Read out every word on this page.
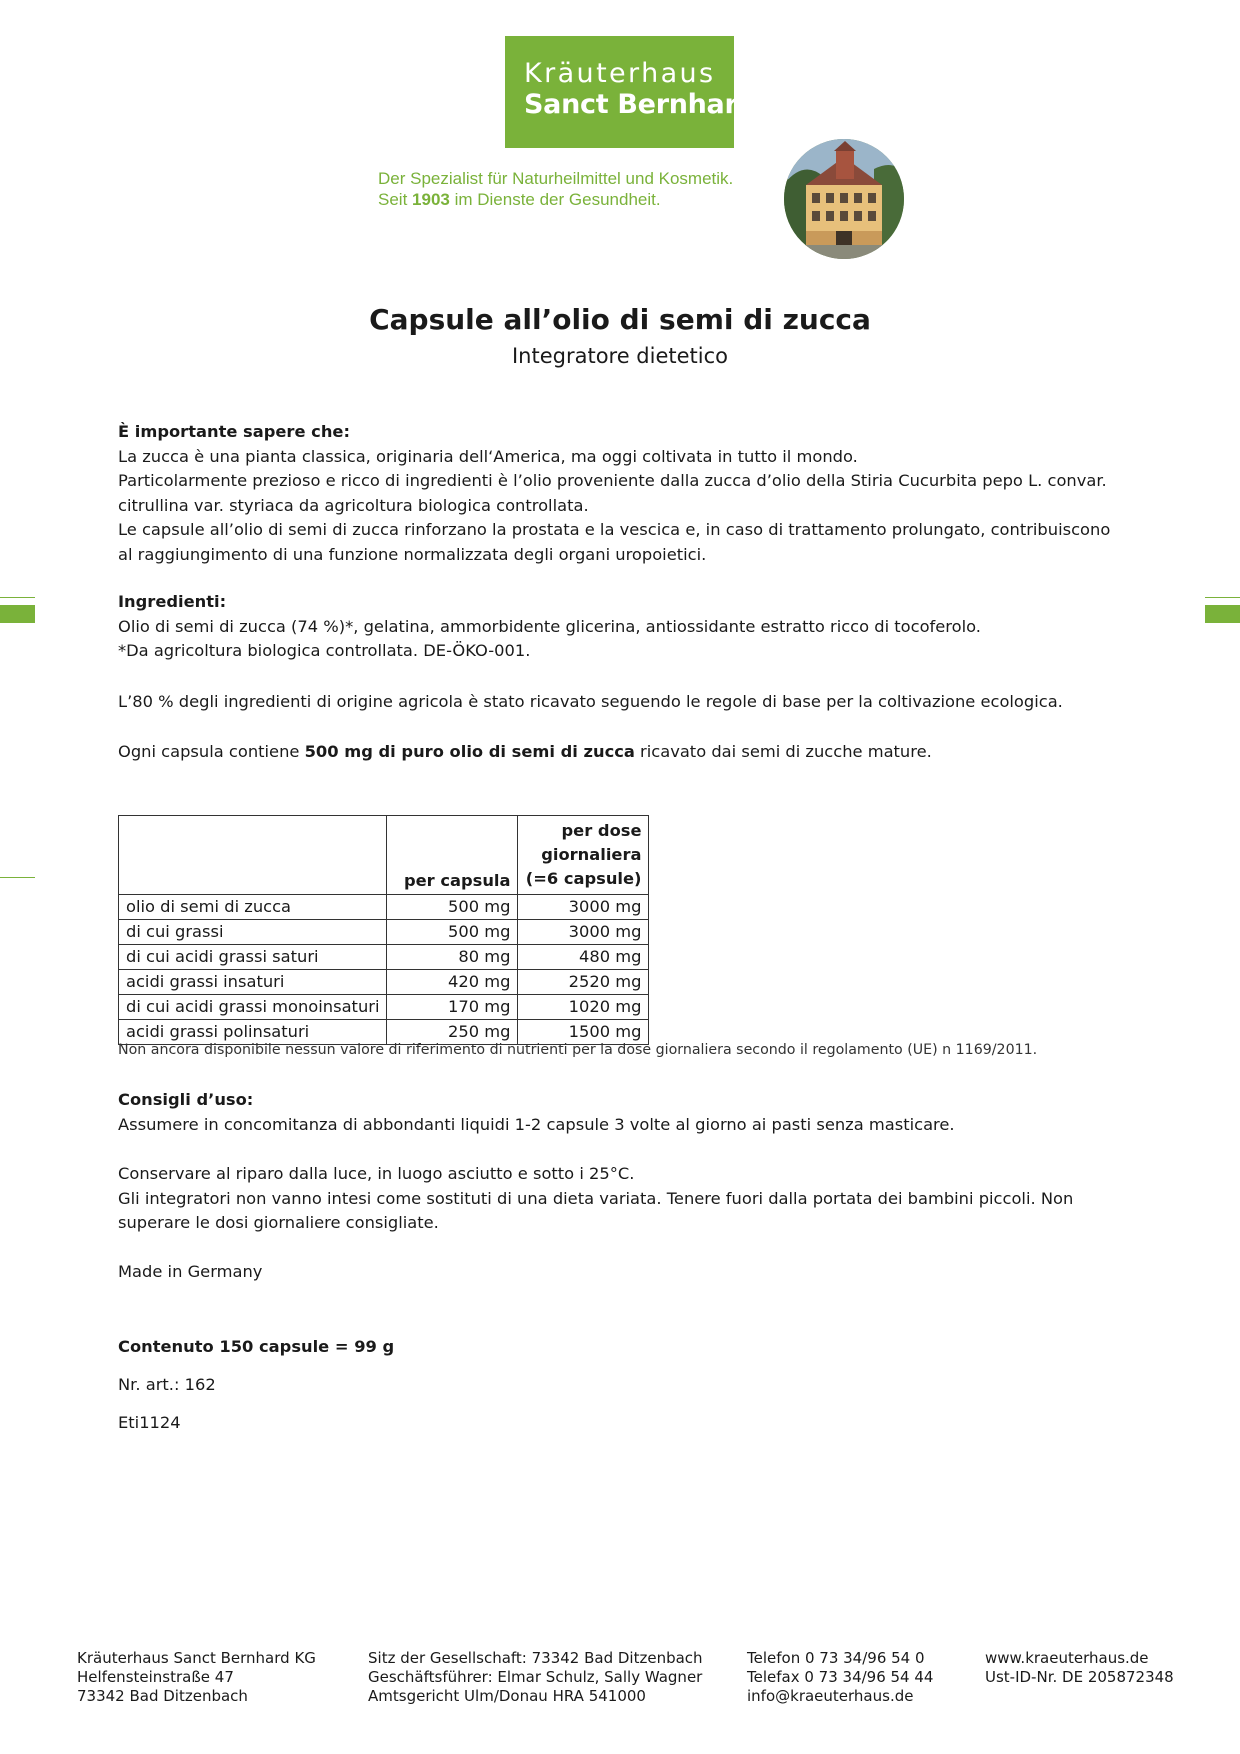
Kräuterhaus
Sanct Bernhard
Der Spezialist für Naturheilmittel und Kosmetik.
Seit 1903 im Dienste der Gesundheit.
Capsule all’olio di semi di zucca
Integratore dietetico
È importante sapere che:
La zucca è una pianta classica, originaria dell‘America, ma oggi coltivata in tutto il mondo.
Particolarmente prezioso e ricco di ingredienti è l’olio proveniente dalla zucca d’olio della Stiria Cucurbita pepo L. convar.
citrullina var. styriaca da agricoltura biologica controllata.
Le capsule all’olio di semi di zucca rinforzano la prostata e la vescica e, in caso di trattamento prolungato, contribuiscono
al raggiungimento di una funzione normalizzata degli organi uropoietici.
Ingredienti:
Olio di semi di zucca (74 %)*, gelatina, ammorbidente glicerina, antiossidante estratto ricco di tocoferolo.
*Da agricoltura biologica controllata. DE-ÖKO-001.
L’80 % degli ingredienti di origine agricola è stato ricavato seguendo le regole di base per la coltivazione ecologica.
Ogni capsula contiene 500 mg di puro olio di semi di zucca ricavato dai semi di zucche mature.
	per capsula	per dose
giornaliera
(=6 capsule)

olio di semi di zucca	500 mg	3000 mg
di cui grassi	500 mg	3000 mg
di cui acidi grassi saturi	80 mg	480 mg
acidi grassi insaturi	420 mg	2520 mg
di cui acidi grassi monoinsaturi	170 mg	1020 mg
acidi grassi polinsaturi	250 mg	1500 mg
Non ancora disponibile nessun valore di riferimento di nutrienti per la dose giornaliera secondo il regolamento (UE) n 1169/2011.
Consigli d’uso:
Assumere in concomitanza di abbondanti liquidi 1-2 capsule 3 volte al giorno ai pasti senza masticare.
Conservare al riparo dalla luce, in luogo asciutto e sotto i 25°C.
Gli integratori non vanno intesi come sostituti di una dieta variata. Tenere fuori dalla portata dei bambini piccoli. Non
superare le dosi giornaliere consigliate.
Made in Germany
Contenuto 150 capsule = 99 g
Nr. art.: 162
Eti1124
Kräuterhaus Sanct Bernhard KG
Helfensteinstraße 47
73342 Bad Ditzenbach
Sitz der Gesellschaft: 73342 Bad Ditzenbach
Geschäftsführer: Elmar Schulz, Sally Wagner
Amtsgericht Ulm/Donau HRA 541000
Telefon 0 73 34/96 54 0
Telefax 0 73 34/96 54 44
info@kraeuterhaus.de
www.kraeuterhaus.de
Ust-ID-Nr. DE 205872348
